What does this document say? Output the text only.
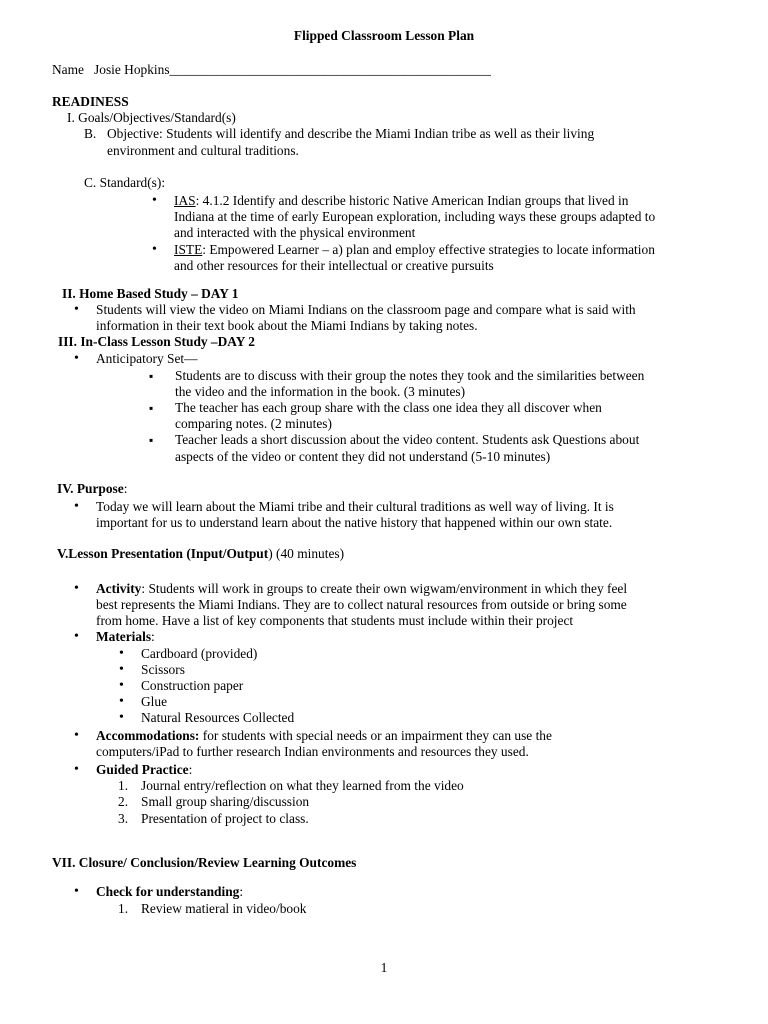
Flipped Classroom Lesson Plan
Name Josie Hopkins________________________________________________
READINESS
I. Goals/Objectives/Standard(s)
B. Objective: Students will identify and describe the Miami Indian tribe as well as their living
environment and cultural traditions.
C. Standard(s):
• IAS: 4.1.2 Identify and describe historic Native American Indian groups that lived in
Indiana at the time of early European exploration, including ways these groups adapted to
and interacted with the physical environment
• ISTE: Empowered Learner – a) plan and employ effective strategies to locate information
and other resources for their intellectual or creative pursuits
II. Home Based Study – DAY 1
• Students will view the video on Miami Indians on the classroom page and compare what is said with
information in their text book about the Miami Indians by taking notes.
III. In-Class Lesson Study –DAY 2
• Anticipatory Set—
▪ Students are to discuss with their group the notes they took and the similarities between
the video and the information in the book. (3 minutes)
▪ The teacher has each group share with the class one idea they all discover when
comparing notes. (2 minutes)
▪ Teacher leads a short discussion about the video content. Students ask Questions about
aspects of the video or content they did not understand (5-10 minutes)
IV. Purpose:
• Today we will learn about the Miami tribe and their cultural traditions as well way of living. It is
important for us to understand learn about the native history that happened within our own state.
V.Lesson Presentation (Input/Output) (40 minutes)
• Activity: Students will work in groups to create their own wigwam/environment in which they feel
best represents the Miami Indians. They are to collect natural resources from outside or bring some
from home. Have a list of key components that students must include within their project
• Materials:
• Cardboard (provided)
• Scissors
• Construction paper
• Glue
• Natural Resources Collected
• Accommodations: for students with special needs or an impairment they can use the
computers/iPad to further research Indian environments and resources they used.
• Guided Practice:
1. Journal entry/reflection on what they learned from the video
2. Small group sharing/discussion
3. Presentation of project to class.
VII. Closure/ Conclusion/Review Learning Outcomes
• Check for understanding:
1. Review matieral in video/book
1
